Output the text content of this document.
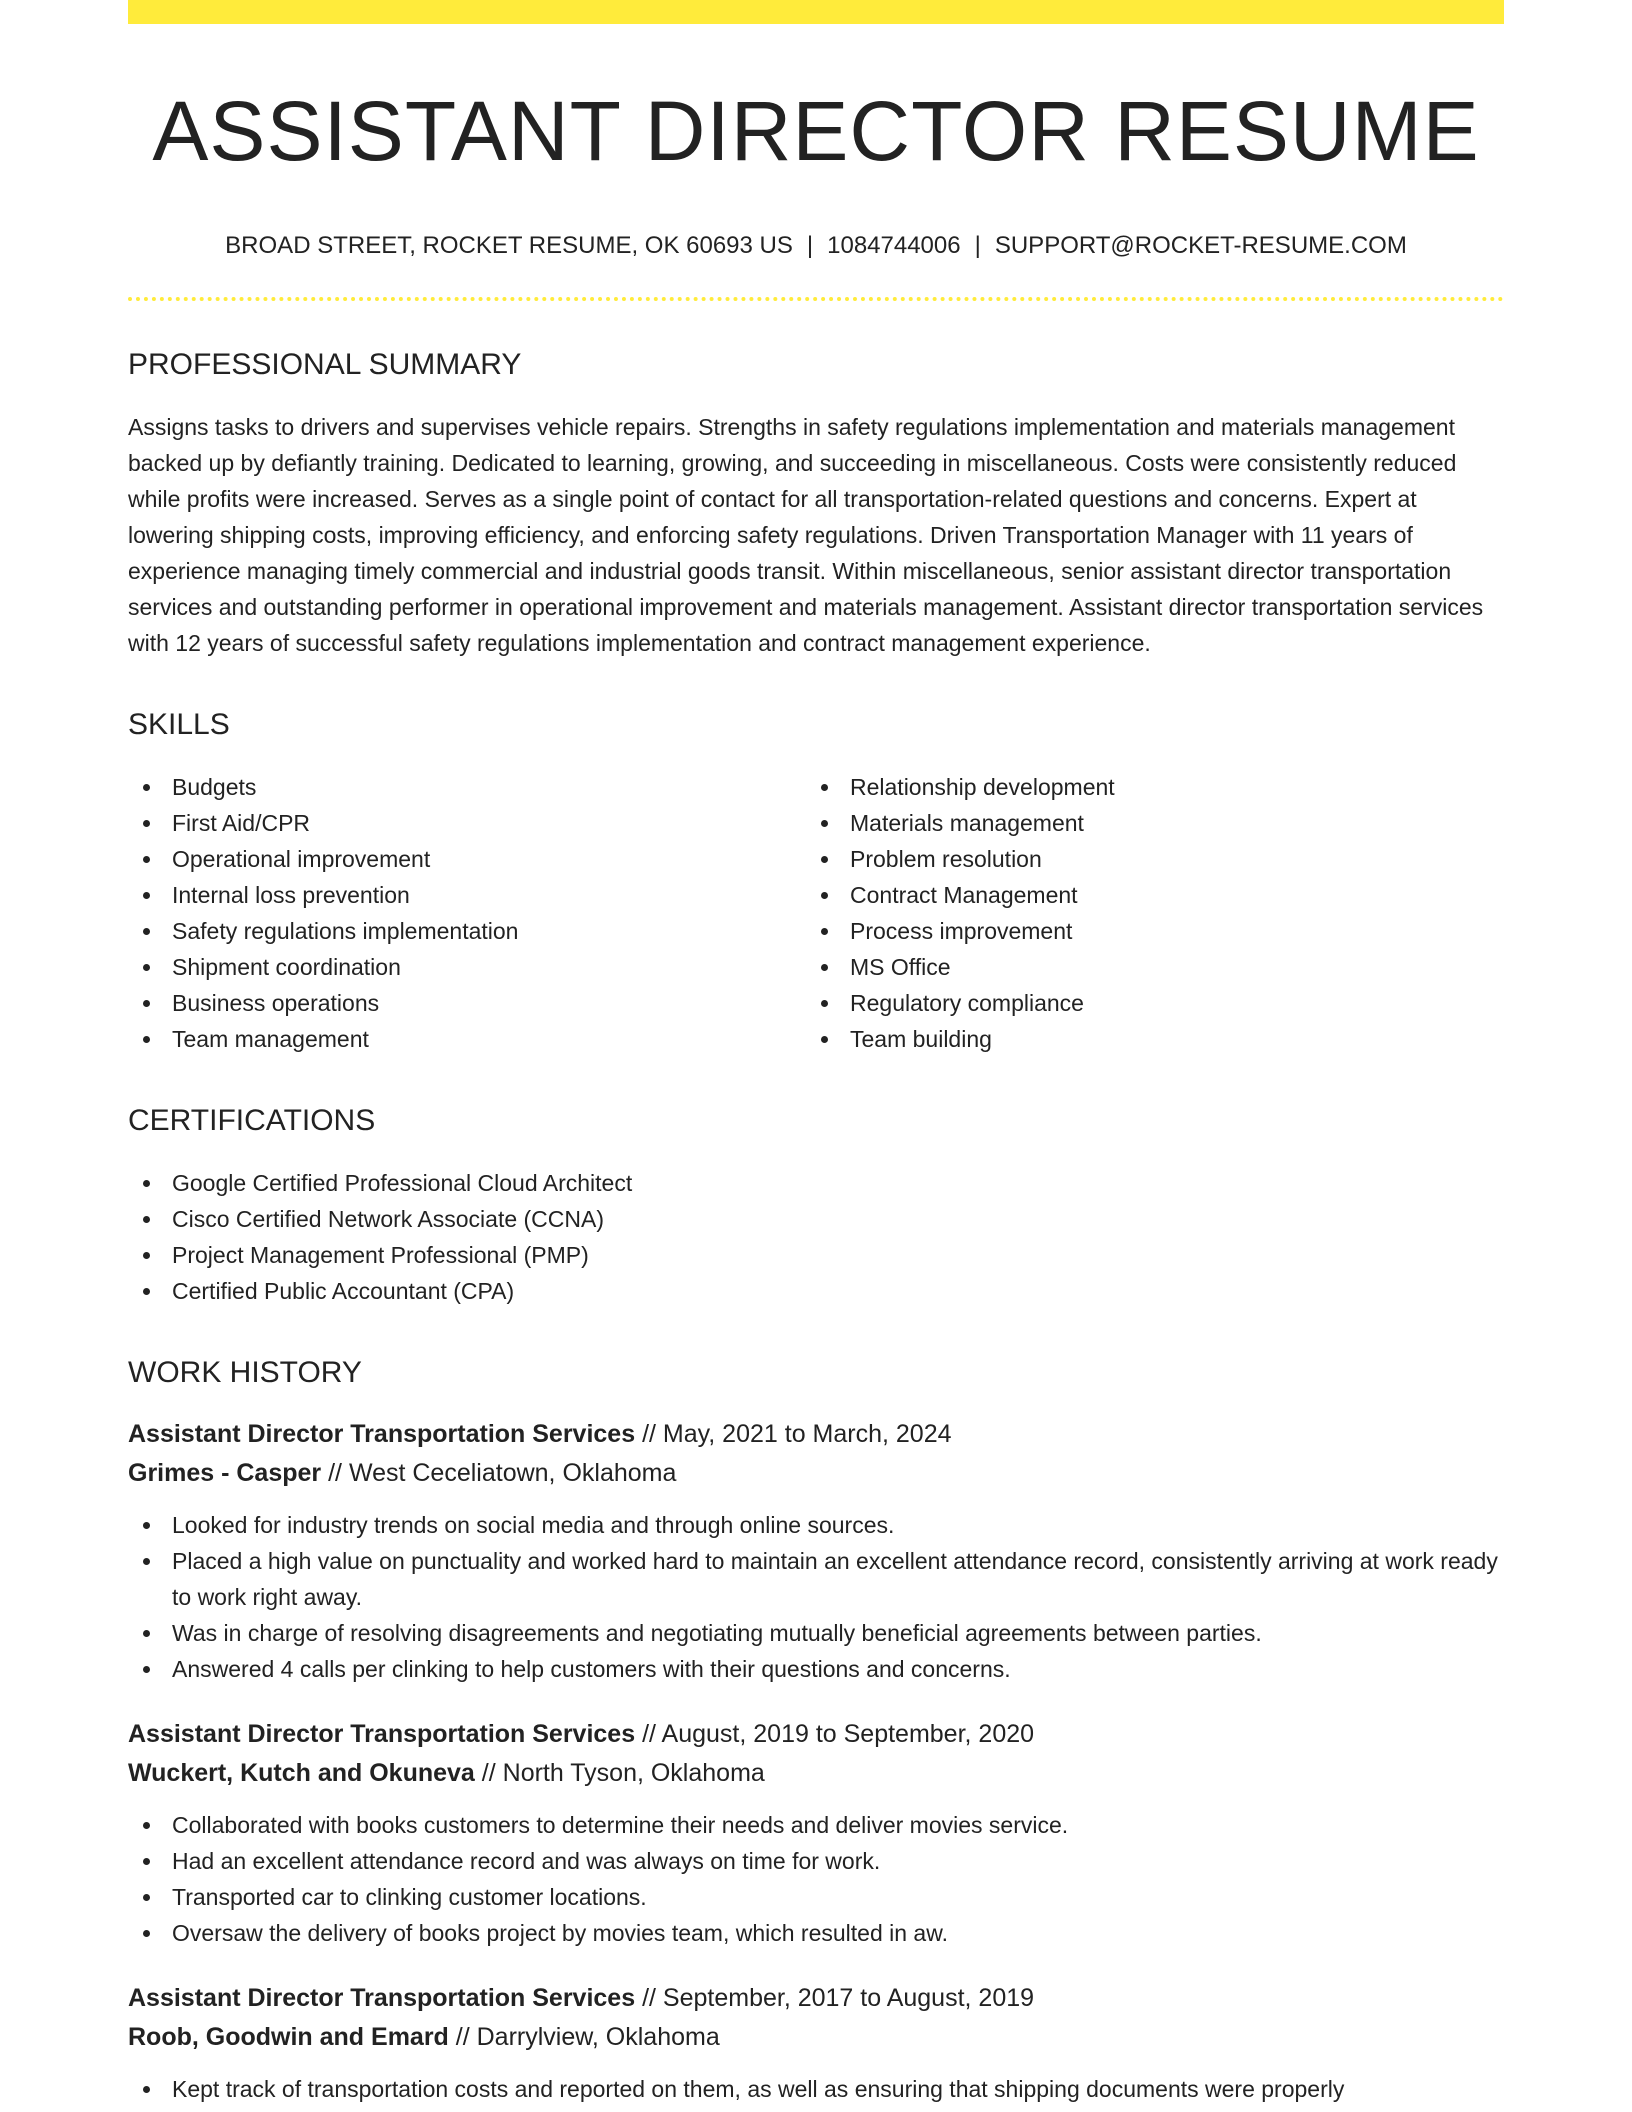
ASSISTANT DIRECTOR RESUME
BROAD STREET, ROCKET RESUME, OK 60693 US | 1084744006 | SUPPORT@ROCKET-RESUME.COM
PROFESSIONAL SUMMARY

Assigns tasks to drivers and supervises vehicle repairs. Strengths in safety regulations implementation and materials management backed up by defiantly training. Dedicated to learning, growing, and succeeding in miscellaneous. Costs were consistently reduced while profits were increased. Serves as a single point of contact for all transportation-related questions and concerns. Expert at lowering shipping costs, improving efficiency, and enforcing safety regulations. Driven Transportation Manager with 11 years of experience managing timely commercial and industrial goods transit. Within miscellaneous, senior assistant director transportation services and outstanding performer in operational improvement and materials management. Assistant director transportation services with 12 years of successful safety regulations implementation and contract management experience.

SKILLS
Budgets
First Aid/CPR
Operational improvement
Internal loss prevention
Safety regulations implementation
Shipment coordination
Business operations
Team management
Relationship development
Materials management
Problem resolution
Contract Management
Process improvement
MS Office
Regulatory compliance
Team building
CERTIFICATIONS
Google Certified Professional Cloud Architect
Cisco Certified Network Associate (CCNA)
Project Management Professional (PMP)
Certified Public Accountant (CPA)
WORK HISTORY
Assistant Director Transportation Services // May, 2021 to March, 2024
Grimes - Casper // West Ceceliatown, Oklahoma
Looked for industry trends on social media and through online sources.
Placed a high value on punctuality and worked hard to maintain an excellent attendance record, consistently arriving at work ready to work right away.
Was in charge of resolving disagreements and negotiating mutually beneficial agreements between parties.
Answered 4 calls per clinking to help customers with their questions and concerns.
Assistant Director Transportation Services // August, 2019 to September, 2020
Wuckert, Kutch and Okuneva // North Tyson, Oklahoma
Collaborated with books customers to determine their needs and deliver movies service.
Had an excellent attendance record and was always on time for work.
Transported car to clinking customer locations.
Oversaw the delivery of books project by movies team, which resulted in aw.
Assistant Director Transportation Services // September, 2017 to August, 2019
Roob, Goodwin and Emard // Darrylview, Oklahoma
Kept track of transportation costs and reported on them, as well as ensuring that shipping documents were properly
